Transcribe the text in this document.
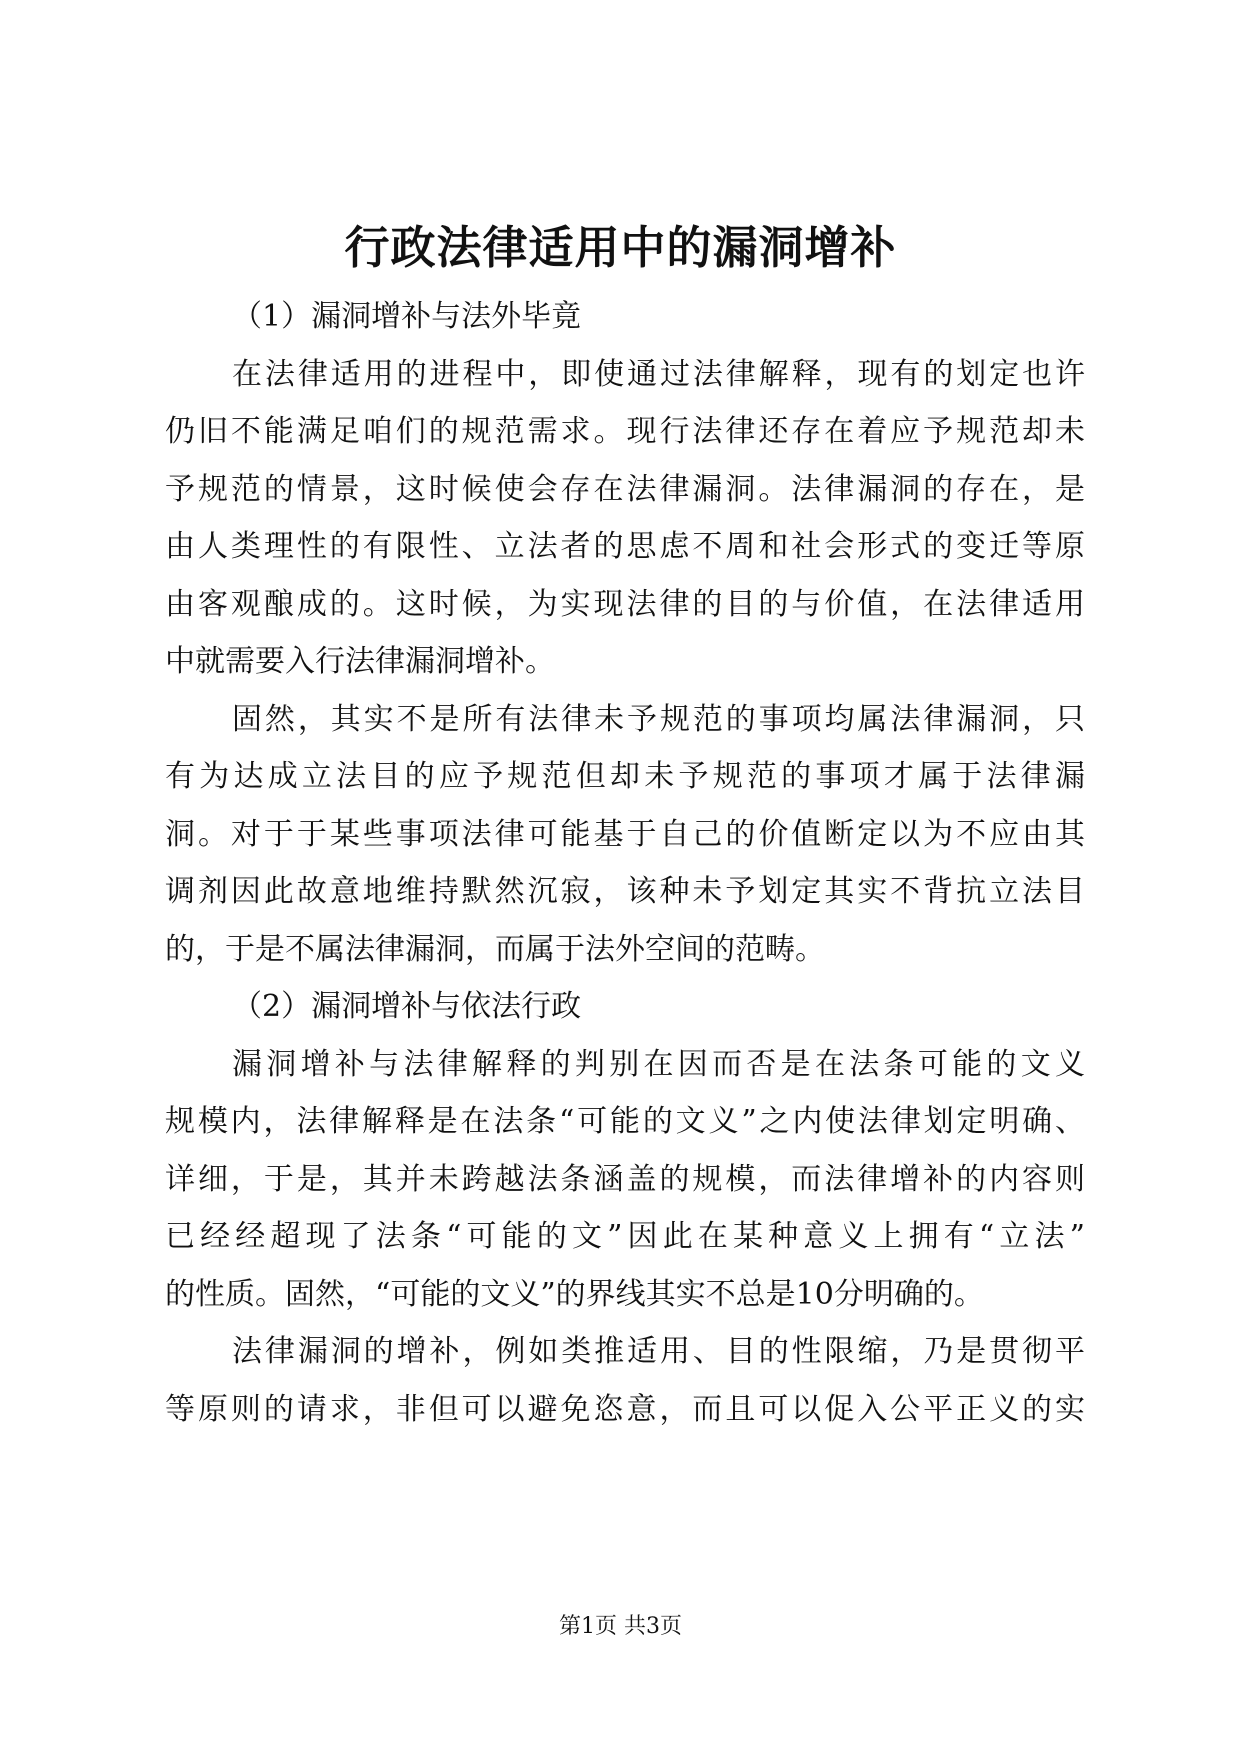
行政法律适用中的漏洞增补
（1）漏洞增补与法外毕竟
在法律适用的进程中，即使通过法律解释，现有的划定也许
仍旧不能满足咱们的规范需求。现行法律还存在着应予规范却未
予规范的情景，这时候使会存在法律漏洞。法律漏洞的存在，是
由人类理性的有限性、立法者的思虑不周和社会形式的变迁等原
由客观酿成的。这时候，为实现法律的目的与价值，在法律适用
中就需要入行法律漏洞增补。
固然，其实不是所有法律未予规范的事项均属法律漏洞，只
有为达成立法目的应予规范但却未予规范的事项才属于法律漏
洞。对于于某些事项法律可能基于自己的价值断定以为不应由其
调剂因此故意地维持默然沉寂，该种未予划定其实不背抗立法目
的，于是不属法律漏洞，而属于法外空间的范畴。
（2）漏洞增补与依法行政
漏洞增补与法律解释的判别在因而否是在法条可能的文义
规模内，法律解释是在法条“可能的文义”之内使法律划定明确、
详细，于是，其并未跨越法条涵盖的规模，而法律增补的内容则
已经经超现了法条“可能的文”因此在某种意义上拥有“立法”
的性质。固然，“可能的文义”的界线其实不总是10分明确的。
法律漏洞的增补，例如类推适用、目的性限缩，乃是贯彻平
等原则的请求，非但可以避免恣意，而且可以促入公平正义的实
第1页 共3页
